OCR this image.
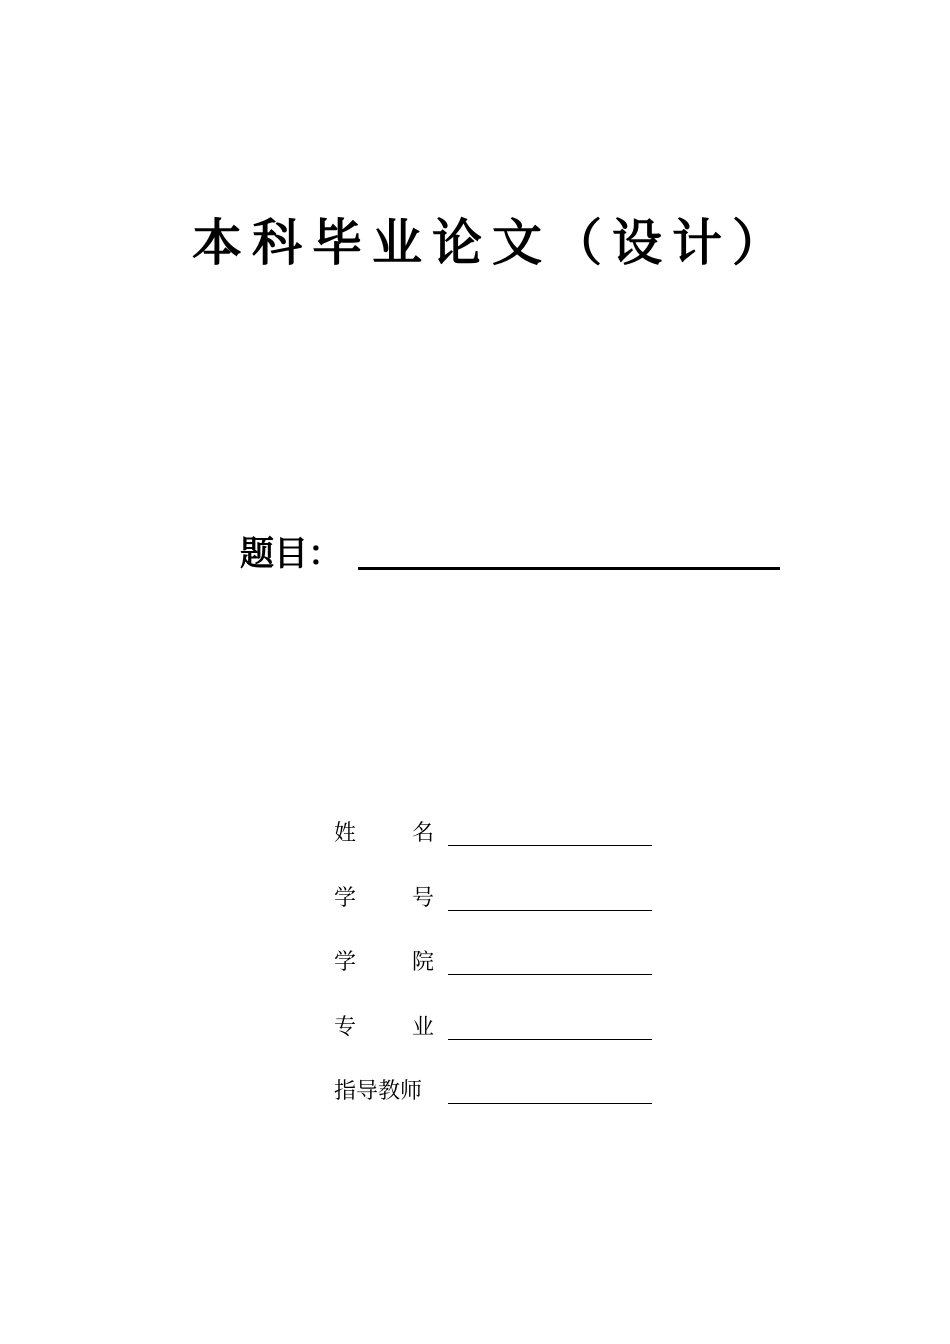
本科毕业论文（设计）
题目：
姓	名
学	号
学	院
专	业
指导教师
